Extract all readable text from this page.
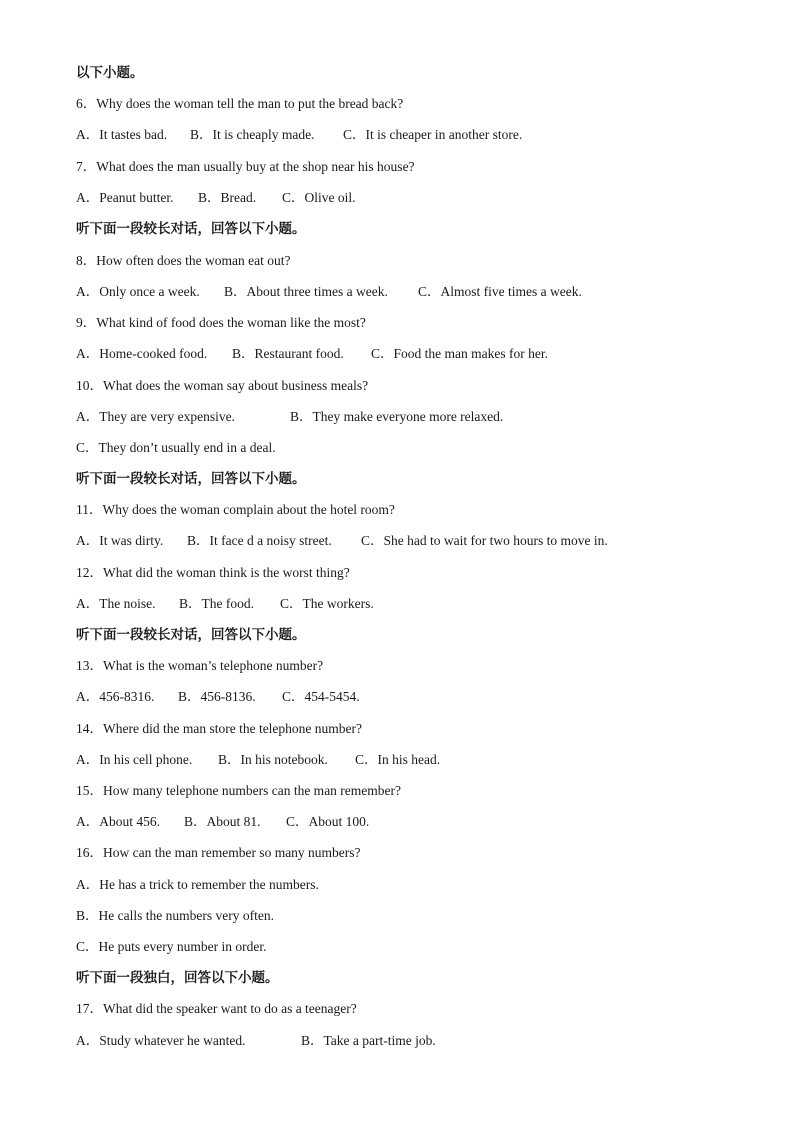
以下小题。
6．Why does the woman tell the man to put the bread back?
A．It tastes bad. B．It is cheaply made. C．It is cheaper in another store.
7．What does the man usually buy at the shop near his house?
A．Peanut butter. B．Bread. C．Olive oil.
听下面一段较长对话，回答以下小题。
8．How often does the woman eat out?
A．Only once a week. B．About three times a week. C．Almost five times a week.
9．What kind of food does the woman like the most?
A．Home-cooked food. B．Restaurant food. C．Food the man makes for her.
10．What does the woman say about business meals?
A．They are very expensive.	B．They make everyone more relaxed.
C．They don’t usually end in a deal.
听下面一段较长对话，回答以下小题。
11．Why does the woman complain about the hotel room?
A．It was dirty. B．It face d a noisy street. C．She had to wait for two hours to move in.
12．What did the woman think is the worst thing?
A．The noise. B．The food. C．The workers.
听下面一段较长对话，回答以下小题。
13．What is the woman’s telephone number?
A．456-8316. B．456-8136. C．454-5454.
14．Where did the man store the telephone number?
A．In his cell phone. B．In his notebook. C．In his head.
15．How many telephone numbers can the man remember?
A．About 456. B．About 81. C．About 100.
16．How can the man remember so many numbers?
A．He has a trick to remember the numbers.
B．He calls the numbers very often.
C．He puts every number in order.
听下面一段独白，回答以下小题。
17．What did the speaker want to do as a teenager?
A．Study whatever he wanted.	B．Take a part-time job.
